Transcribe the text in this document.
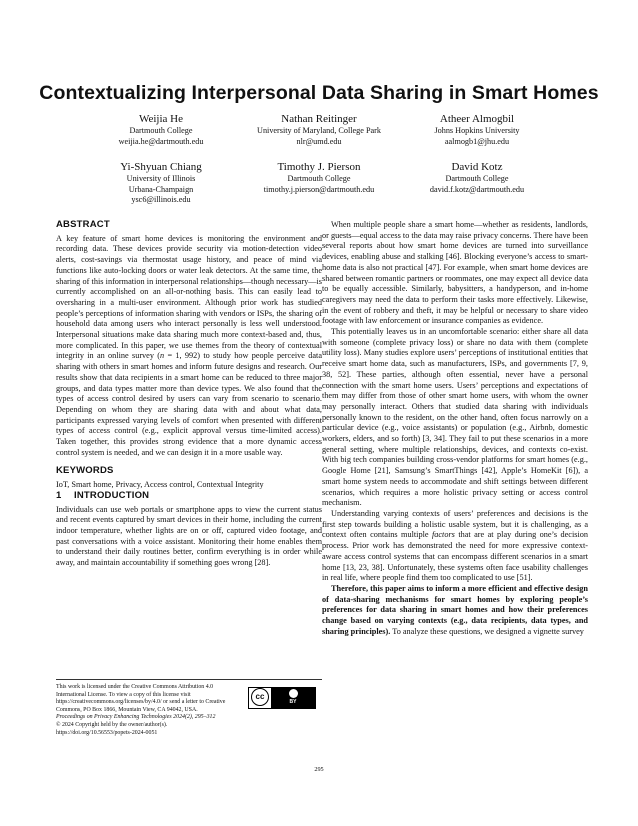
Contextualizing Interpersonal Data Sharing in Smart Homes
Weijia He
Dartmouth College
weijia.he@dartmouth.edu
Nathan Reitinger
University of Maryland, College Park
nlr@umd.edu
Atheer Almogbil
Johns Hopkins University
aalmogb1@jhu.edu
Yi-Shyuan Chiang
University of Illinois
Urbana-Champaign
ysc6@illinois.edu
Timothy J. Pierson
Dartmouth College
timothy.j.pierson@dartmouth.edu
David Kotz
Dartmouth College
david.f.kotz@dartmouth.edu
ABSTRACT

A key feature of smart home devices is monitoring the environment and recording data. These devices provide security via motion-detection video alerts, cost-savings via thermostat usage history, and peace of mind via functions like auto-locking doors or water leak detectors. At the same time, the sharing of this information in interpersonal relationships—though necessary—is currently accomplished on an all-or-nothing basis. This can easily lead to oversharing in a multi-user environment. Although prior work has studied people’s perceptions of information sharing with vendors or ISPs, the sharing of household data among users who interact personally is less well understood. Interpersonal situations make data sharing much more context-based and, thus, more complicated. In this paper, we use themes from the theory of contextual integrity in an online survey (n = 1, 992) to study how people perceive data sharing with others in smart homes and inform future designs and research. Our results show that data recipients in a smart home can be reduced to three major groups, and data types matter more than device types. We also found that the types of access control desired by users can vary from scenario to scenario. Depending on whom they are sharing data with and about what data, participants expressed varying levels of comfort when presented with different types of access control (e.g., explicit approval versus time-limited access). Taken together, this provides strong evidence that a more dynamic access control system is needed, and we can design it in a more usable way.

KEYWORDS

IoT, Smart home, Privacy, Access control, Contextual Integrity

1 INTRODUCTION

Individuals can use web portals or smartphone apps to view the current status and recent events captured by smart devices in their home, including the current indoor temperature, whether lights are on or off, captured video footage, and past conversations with a voice assistant. Monitoring their home enables them to understand their daily routines better, confirm everything is in order while away, and maintain accountability if something goes wrong [28].

This work is licensed under the Creative Commons Attribution 4.0 International License. To view a copy of this license visit https://creativecommons.org/licenses/by/4.0/ or send a letter to Creative Commons, PO Box 1866, Mountain View, CA 94042, USA.
Proceedings on Privacy Enhancing Technologies 2024(2), 295–312
© 2024 Copyright held by the owner/author(s).
https://doi.org/10.56553/popets-2024-0051
cc
BY

When multiple people share a smart home—whether as residents, landlords, or guests—equal access to the data may raise privacy concerns. There have been several reports about how smart home devices are turned into surveillance devices, enabling abuse and stalking [46]. Blocking everyone’s access to smart-home data is also not practical [47]. For example, when smart home devices are shared between romantic partners or roommates, one may expect all device data to be equally accessible. Similarly, babysitters, a handyperson, and in-home caregivers may need the data to perform their tasks more effectively. Likewise, in the event of robbery and theft, it may be helpful or necessary to share video footage with law enforcement or insurance companies as evidence.

This potentially leaves us in an uncomfortable scenario: either share all data with someone (complete privacy loss) or share no data with them (complete utility loss). Many studies explore users’ perceptions of institutional entities that receive smart home data, such as manufacturers, ISPs, and governments [7, 9, 38, 52]. These parties, although often essential, never have a personal connection with the smart home users. Users’ perceptions and expectations of them may differ from those of other smart home users, with whom the owner may personally interact. Others that studied data sharing with individuals personally known to the resident, on the other hand, often focus narrowly on a particular device (e.g., voice assistants) or population (e.g., Airbnb, domestic workers, elders, and so forth) [3, 34]. They fail to put these scenarios in a more general setting, where multiple relationships, devices, and contexts co-exist. With big tech companies building cross-vendor platforms for smart homes (e.g., Google Home [21], Samsung’s SmartThings [42], Apple’s HomeKit [6]), a smart home system needs to accommodate and shift settings between different scenarios, which requires a more holistic privacy setting or access control mechanism.

Understanding varying contexts of users’ preferences and decisions is the first step towards building a holistic usable system, but it is challenging, as a context often contains multiple factors that are at play during one’s decision process. Prior work has demonstrated the need for more expressive context-aware access control systems that can encompass different scenarios in a smart home [13, 23, 38]. Unfortunately, these systems often face usability challenges in real life, where people find them too complicated to use [51].

Therefore, this paper aims to inform a more efficient and effective design of data-sharing mechanisms for smart homes by exploring people’s preferences for data sharing in smart homes and how their preferences change based on varying contexts (e.g., data recipients, data types, and sharing principles). To analyze these questions, we designed a vignette survey

295
